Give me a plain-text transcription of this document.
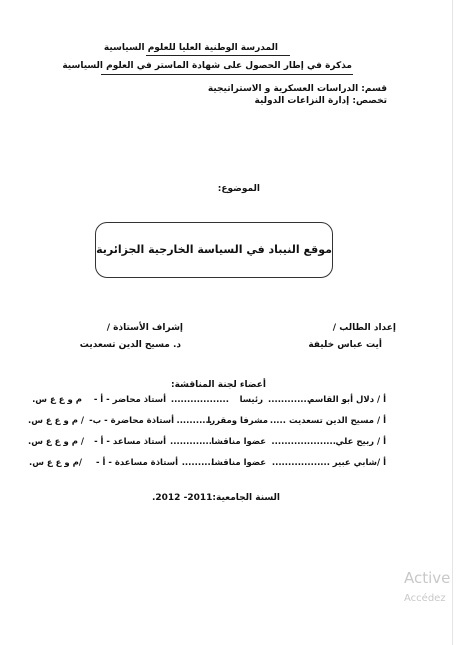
المدرسة الوطنية العليا للعلوم السياسية
مذكرة في إطار الحصول على شهادة الماستر في العلوم السياسية
قسم: الدراسات العسكرية و الاستراتيجية
تخصص: إدارة النزاعات الدولية
الموضوع:
موقع النيباد في السياسة الخارجية الجزائرية
إعداد الطالب /
أيت عباس خليفة
إشراف الأستاذة /
د. مسيح الدين تسعديت
أعضاء لجنة المناقشة:
أ / دلال أبو القاسم
.............
رئيسا
..................
أستاذ محاضر - أ -
م و ع ع س.
أ / مسيح الدين تسعديت
.....
مشرفا ومقررا
...........
أستاذة محاضرة - ب-
/ م و ع ع س.
أ / ربيح علي
....................
عضوا مناقشا
.............
أستاذ مساعد - أ -
/ م و ع ع س.
أ /شابي عبير
..................
عضوا مناقشا
..........
أستاذة مساعدة - أ -
/م و ع ع س.
السنة الجامعية:2011- 2012.
Active
Accédez
